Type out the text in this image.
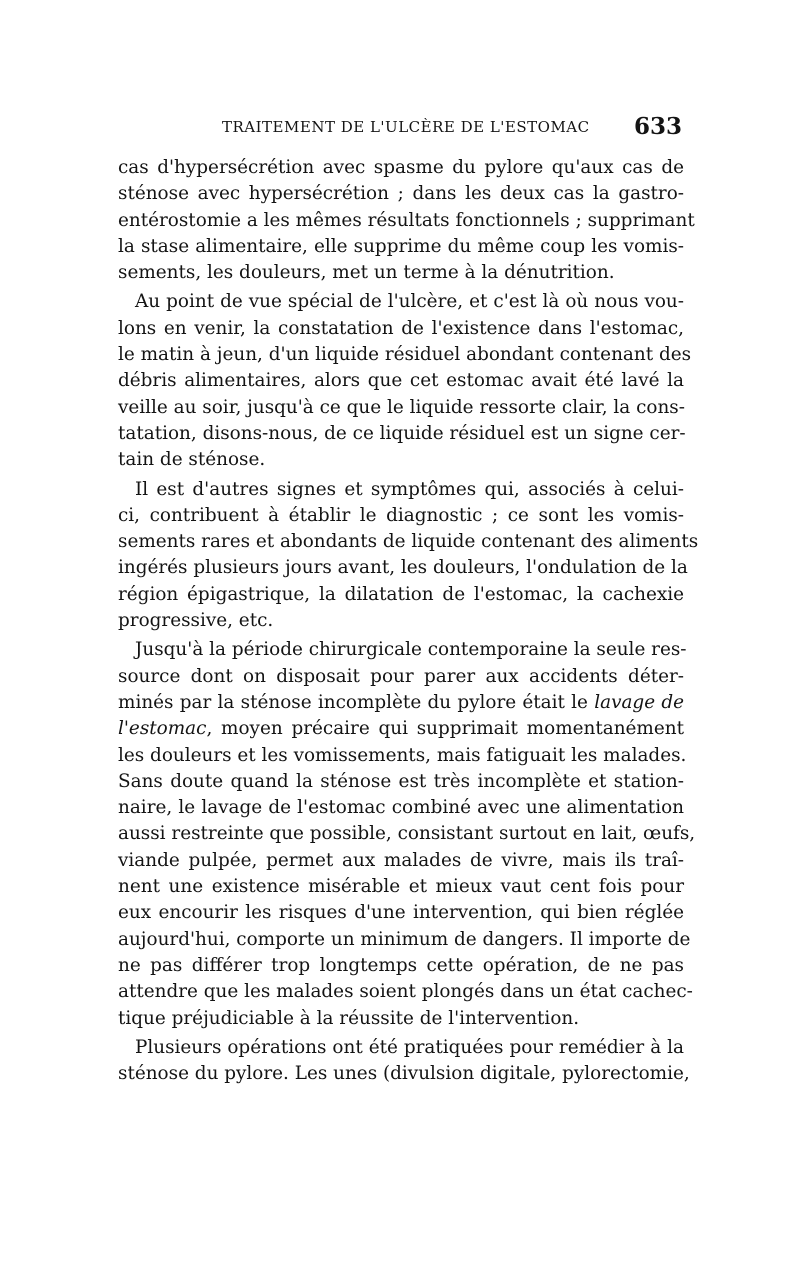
TRAITEMENT DE L'ULCÈRE DE L'ESTOMAC 633
cas d'hypersécrétion avec spasme du pylore qu'aux cas de
sténose avec hypersécrétion ; dans les deux cas la gastro-
entérostomie a les mêmes résultats fonctionnels ; supprimant
la stase alimentaire, elle supprime du même coup les vomis-
sements, les douleurs, met un terme à la dénutrition.
Au point de vue spécial de l'ulcère, et c'est là où nous vou-
lons en venir, la constatation de l'existence dans l'estomac,
le matin à jeun, d'un liquide résiduel abondant contenant des
débris alimentaires, alors que cet estomac avait été lavé la
veille au soir, jusqu'à ce que le liquide ressorte clair, la cons-
tatation, disons-nous, de ce liquide résiduel est un signe cer-
tain de sténose.
Il est d'autres signes et symptômes qui, associés à celui-
ci, contribuent à établir le diagnostic ; ce sont les vomis-
sements rares et abondants de liquide contenant des aliments
ingérés plusieurs jours avant, les douleurs, l'ondulation de la
région épigastrique, la dilatation de l'estomac, la cachexie
progressive, etc.
Jusqu'à la période chirurgicale contemporaine la seule res-
source dont on disposait pour parer aux accidents déter-
minés par la sténose incomplète du pylore était le lavage de
l'estomac, moyen précaire qui supprimait momentanément
les douleurs et les vomissements, mais fatiguait les malades.
Sans doute quand la sténose est très incomplète et station-
naire, le lavage de l'estomac combiné avec une alimentation
aussi restreinte que possible, consistant surtout en lait, œufs,
viande pulpée, permet aux malades de vivre, mais ils traî-
nent une existence misérable et mieux vaut cent fois pour
eux encourir les risques d'une intervention, qui bien réglée
aujourd'hui, comporte un minimum de dangers. Il importe de
ne pas différer trop longtemps cette opération, de ne pas
attendre que les malades soient plongés dans un état cachec-
tique préjudiciable à la réussite de l'intervention.
Plusieurs opérations ont été pratiquées pour remédier à la
sténose du pylore. Les unes (divulsion digitale, pylorectomie,
